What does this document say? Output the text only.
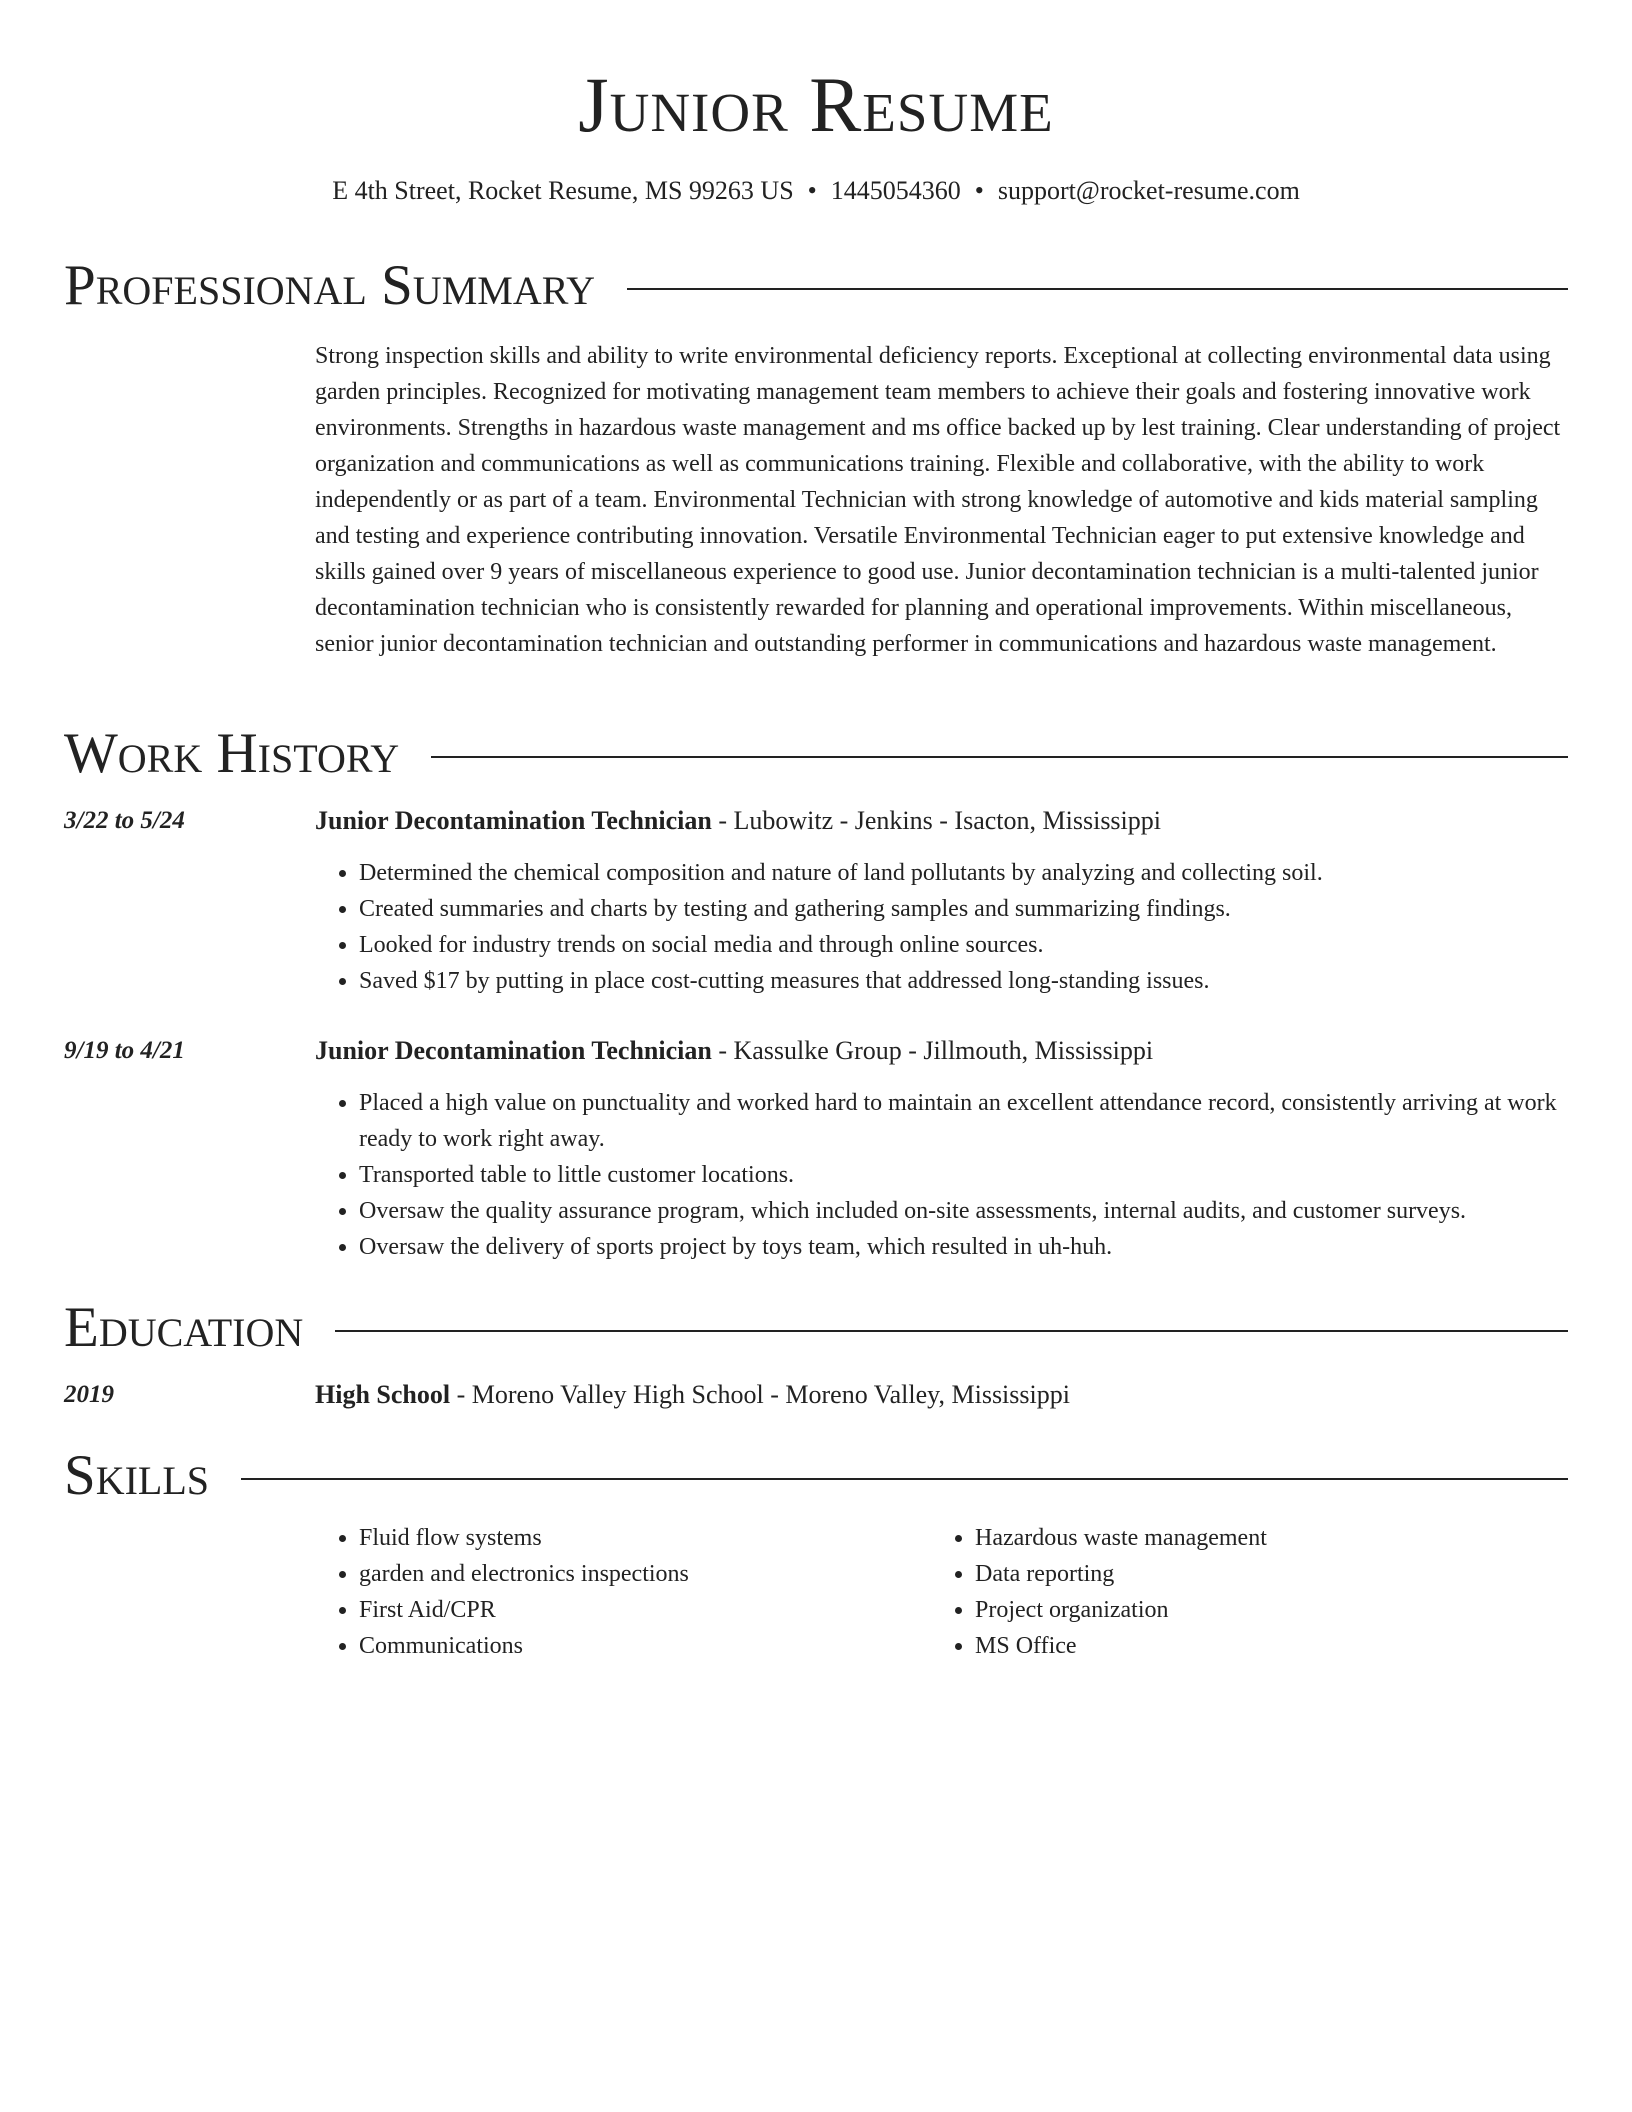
Junior Resume
E 4th Street, Rocket Resume, MS 99263 US • 1445054360 • support@rocket-resume.com
Professional Summary

Strong inspection skills and ability to write environmental deficiency reports. Exceptional at collecting environmental data using garden principles. Recognized for motivating management team members to achieve their goals and fostering innovative work environments. Strengths in hazardous waste management and ms office backed up by lest training. Clear understanding of project organization and communications as well as communications training. Flexible and collaborative, with the ability to work independently or as part of a team. Environmental Technician with strong knowledge of automotive and kids material sampling and testing and experience contributing innovation. Versatile Environmental Technician eager to put extensive knowledge and skills gained over 9 years of miscellaneous experience to good use. Junior decontamination technician is a multi-talented junior decontamination technician who is consistently rewarded for planning and operational improvements. Within miscellaneous, senior junior decontamination technician and outstanding performer in communications and hazardous waste management.

Work History
3/22 to 5/24	Junior Decontamination Technician - Lubowitz - Jenkins - Isacton, Mississippi
• Determined the chemical composition and nature of land pollutants by analyzing and collecting soil.
• Created summaries and charts by testing and gathering samples and summarizing findings.
• Looked for industry trends on social media and through online sources.
• Saved $17 by putting in place cost-cutting measures that addressed long-standing issues.
9/19 to 4/21	Junior Decontamination Technician - Kassulke Group - Jillmouth, Mississippi
• Placed a high value on punctuality and worked hard to maintain an excellent attendance record, consistently arriving at work ready to work right away.
• Transported table to little customer locations.
• Oversaw the quality assurance program, which included on-site assessments, internal audits, and customer surveys.
• Oversaw the delivery of sports project by toys team, which resulted in uh-huh.
Education
2019	High School - Moreno Valley High School - Moreno Valley, Mississippi
Skills
• Fluid flow systems
• garden and electronics inspections
• First Aid/CPR
• Communications
• Hazardous waste management
• Data reporting
• Project organization
• MS Office
